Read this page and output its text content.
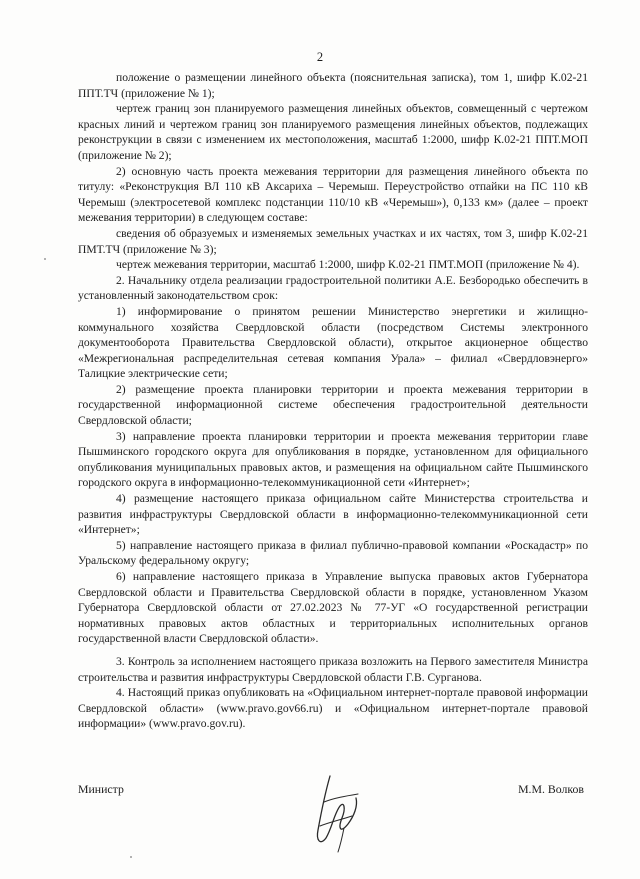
2

положение о размещении линейного объекта (пояснительная записка), том 1, шифр К.02-21 ППТ.ТЧ (приложение № 1);

чертеж границ зон планируемого размещения линейных объектов, совмещенный с чертежом красных линий и чертежом границ зон планируемого размещения линейных объектов, подлежащих реконструкции в связи с изменением их местоположения, масштаб 1:2000, шифр К.02-21 ППТ.МОП (приложение № 2);

2) основную часть проекта межевания территории для размещения линейного объекта по титулу: «Реконструкция ВЛ 110 кВ Аксариха – Черемыш. Переустройство отпайки на ПС 110 кВ Черемыш (электросетевой комплекс подстанции 110/10 кВ «Черемыш»), 0,133 км» (далее – проект межевания территории) в следующем составе:

сведения об образуемых и изменяемых земельных участках и их частях, том 3, шифр К.02-21 ПМТ.ТЧ (приложение № 3);

чертеж межевания территории, масштаб 1:2000, шифр К.02-21 ПМТ.МОП (приложение № 4).

2. Начальнику отдела реализации градостроительной политики А.Е. Безбородько обеспечить в установленный законодательством срок:

1) информирование о принятом решении Министерство энергетики и жилищно-коммунального хозяйства Свердловской области (посредством Системы электронного документооборота Правительства Свердловской области), открытое акционерное общество «Межрегиональная распределительная сетевая компания Урала» – филиал «Свердловэнерго» Талицкие электрические сети;

2) размещение проекта планировки территории и проекта межевания территории в государственной информационной системе обеспечения градостроительной деятельности Свердловской области;

3) направление проекта планировки территории и проекта межевания территории главе Пышминского городского округа для опубликования в порядке, установленном для официального опубликования муниципальных правовых актов, и размещения на официальном сайте Пышминского городского округа в информационно-телекоммуникационной сети «Интернет»;

4) размещение настоящего приказа официальном сайте Министерства строительства и развития инфраструктуры Свердловской области в информационно-телекоммуникационной сети «Интернет»;

5) направление настоящего приказа в филиал публично-правовой компании «Роскадастр» по Уральскому федеральному округу;

6) направление настоящего приказа в Управление выпуска правовых актов Губернатора Свердловской области и Правительства Свердловской области в порядке, установленном Указом Губернатора Свердловской области от 27.02.2023 № 77-УГ «О государственной регистрации нормативных правовых актов областных и территориальных исполнительных органов государственной власти Свердловской области».

3. Контроль за исполнением настоящего приказа возложить на Первого заместителя Министра строительства и развития инфраструктуры Свердловской области Г.В. Сурганова.

4. Настоящий приказ опубликовать на «Официальном интернет-портале правовой информации Свердловской области» (www.pravo.gov66.ru) и «Официальном интернет-портале правовой информации» (www.pravo.gov.ru).

Министр	М.М. Волков
